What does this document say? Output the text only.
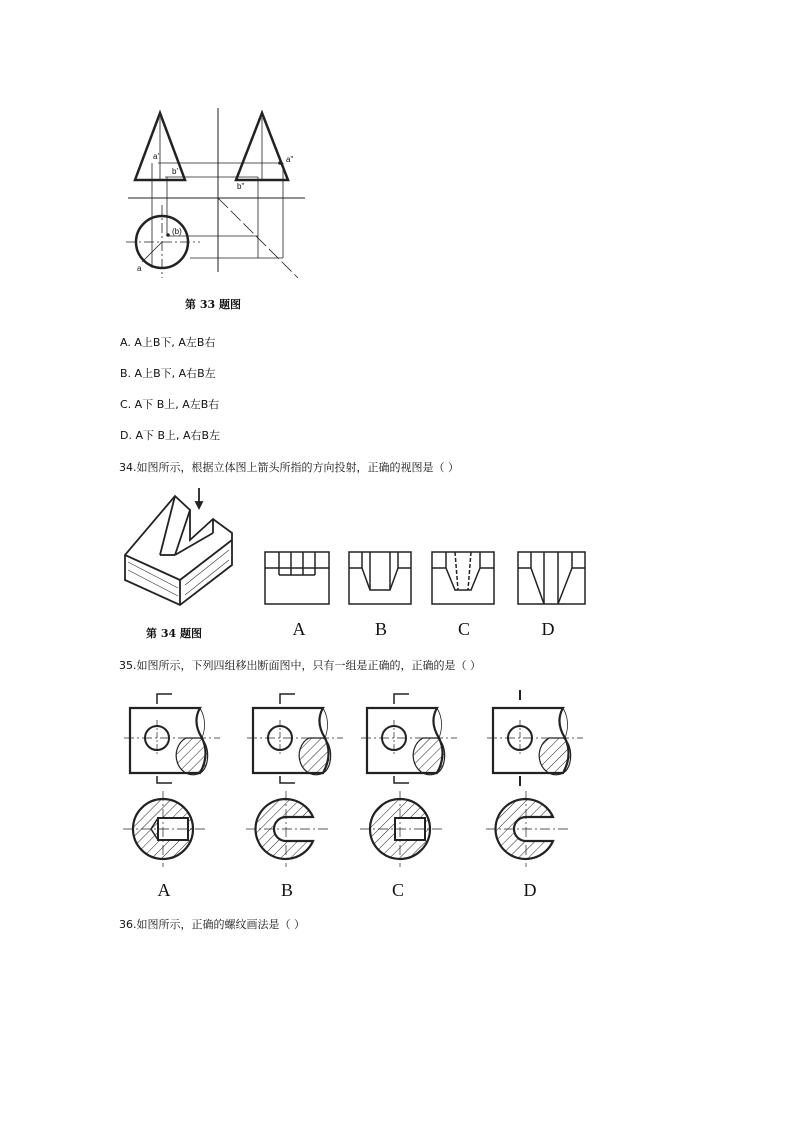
a'
b'
a"
b"
(b)
a
第 33 题图
A. A上B下, A左B右
B. A上B下, A右B左
C. A下 B上, A左B右
D. A下 B上, A右B左
34.如图所示，根据立体图上箭头所指的方向投射，正确的视图是（ ）
第 34 题图	A	B	C	D
35.如图所示，下列四组移出断面图中，只有一组是正确的，正确的是（ ）
A	B	C	D
36.如图所示，正确的螺纹画法是（ ）
